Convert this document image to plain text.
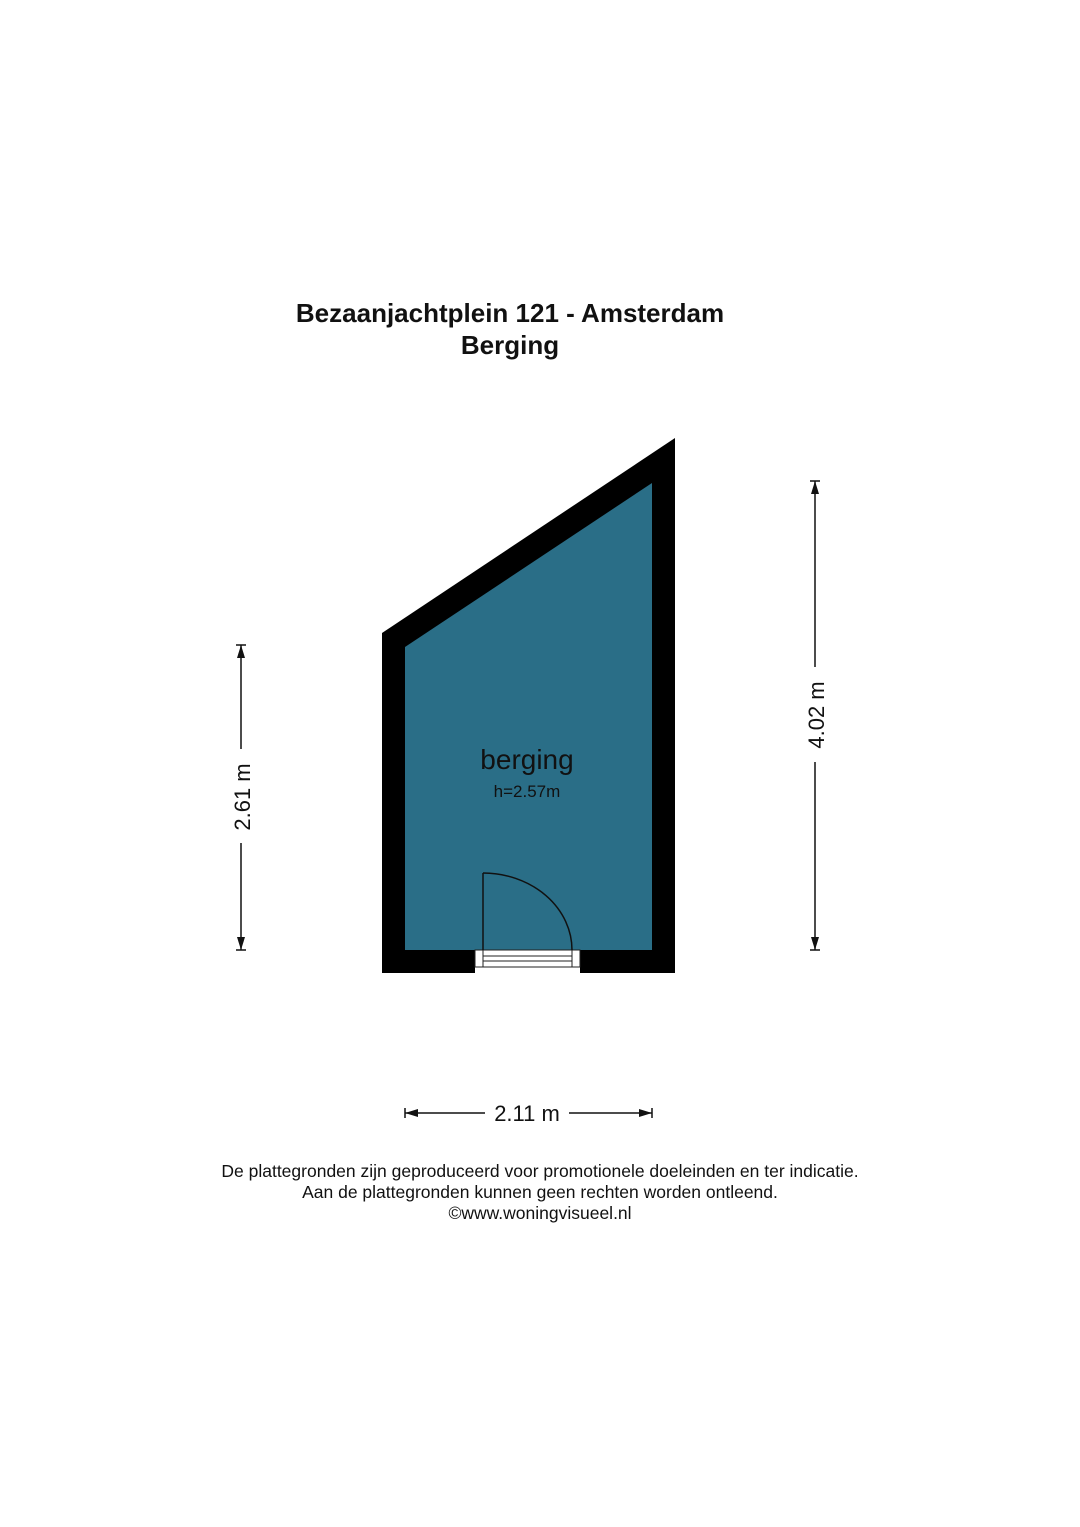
Bezaanjachtplein 121 - Amsterdam
Berging
berging
h=2.57m
2.61 m
4.02 m
2.11 m
De plattegronden zijn geproduceerd voor promotionele doeleinden en ter indicatie.
Aan de plattegronden kunnen geen rechten worden ontleend.
©www.woningvisueel.nl
